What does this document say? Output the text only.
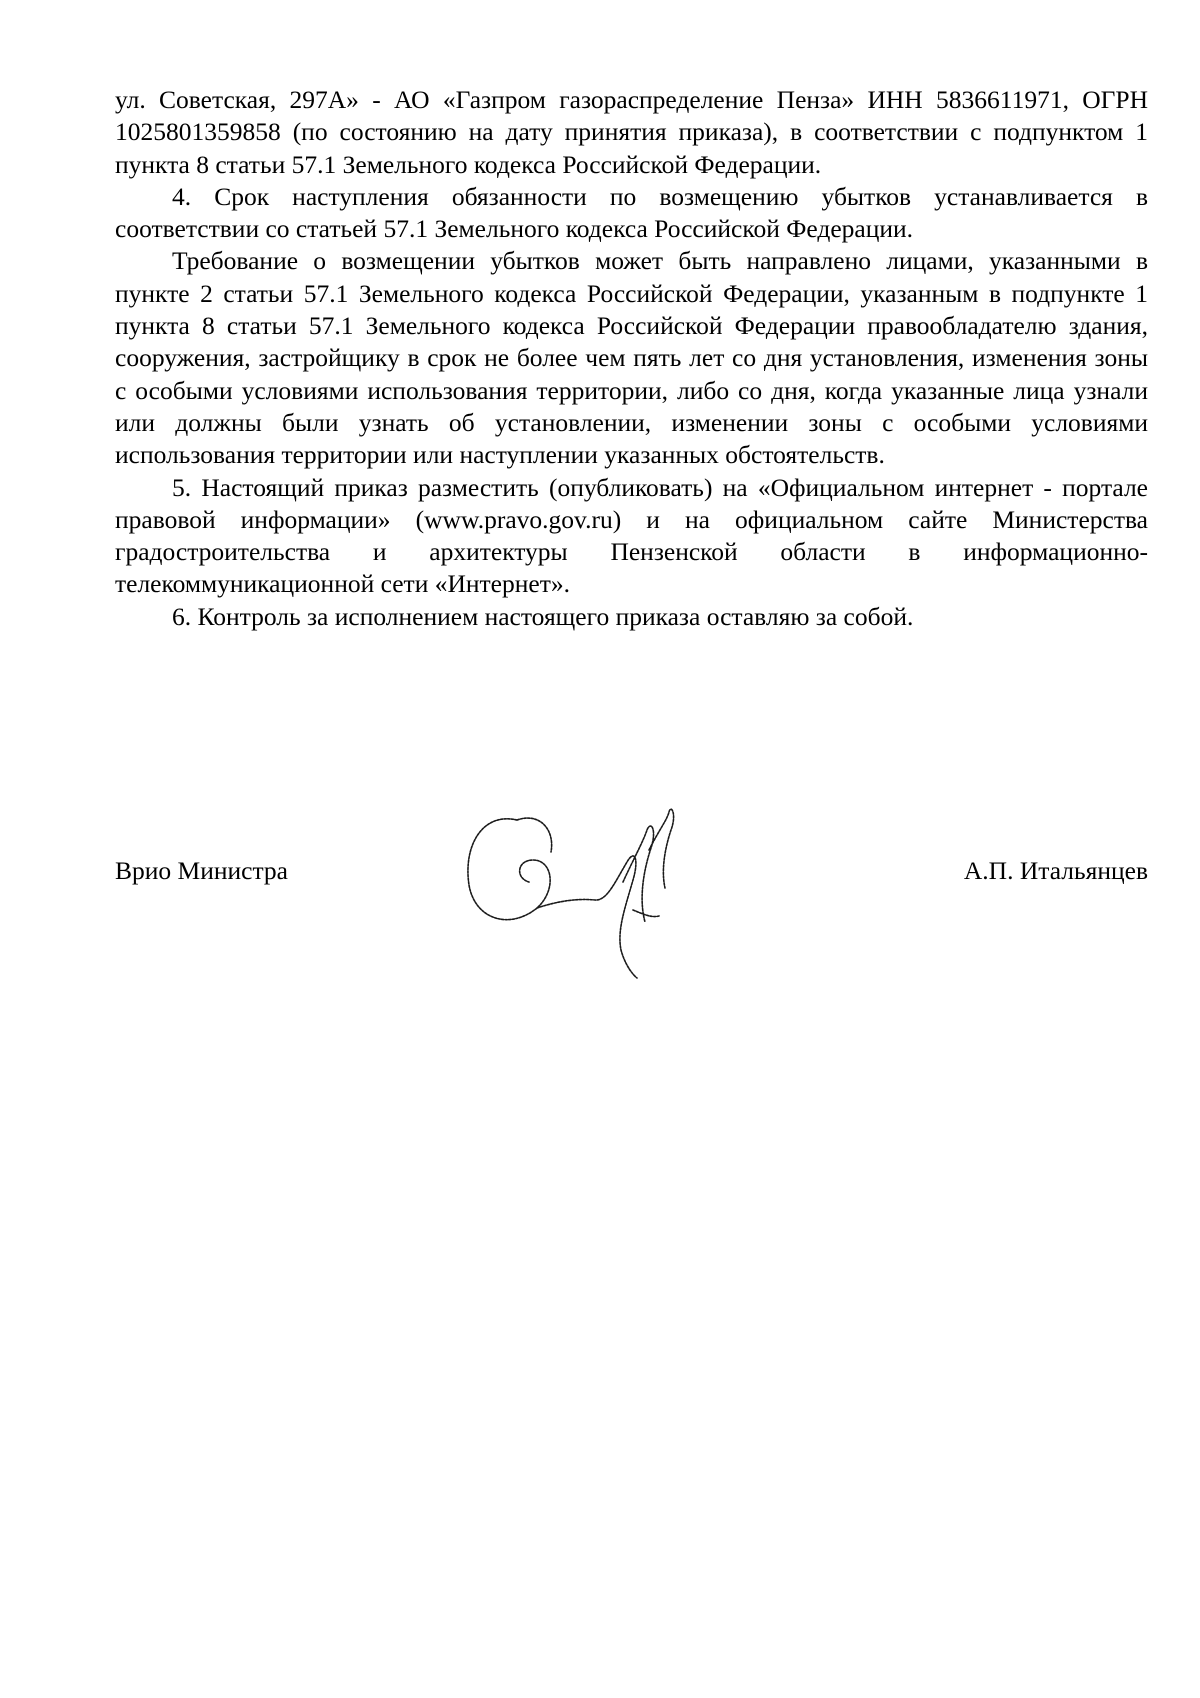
ул. Советская, 297А» - АО «Газпром газораспределение Пенза» ИНН 5836611971, ОГРН 1025801359858 (по состоянию на дату принятия приказа), в соответствии с подпунктом 1 пункта 8 статьи 57.1 Земельного кодекса Российской Федерации.

4. Срок наступления обязанности по возмещению убытков устанавливается в соответствии со статьей 57.1 Земельного кодекса Российской Федерации.

Требование о возмещении убытков может быть направлено лицами, указанными в пункте 2 статьи 57.1 Земельного кодекса Российской Федерации, указанным в подпункте 1 пункта 8 статьи 57.1 Земельного кодекса Российской Федерации правообладателю здания, сооружения, застройщику в срок не более чем пять лет со дня установления, изменения зоны с особыми условиями использования территории, либо со дня, когда указанные лица узнали или должны были узнать об установлении, изменении зоны с особыми условиями использования территории или наступлении указанных обстоятельств.

5. Настоящий приказ разместить (опубликовать) на «Официальном интернет - портале правовой информации» (www.pravo.gov.ru) и на официальном сайте Министерства градостроительства и архитектуры Пензенской области в информационно-телекоммуникационной сети «Интернет».

6. Контроль за исполнением настоящего приказа оставляю за собой.

Врио Министра	А.П. Итальянцев
